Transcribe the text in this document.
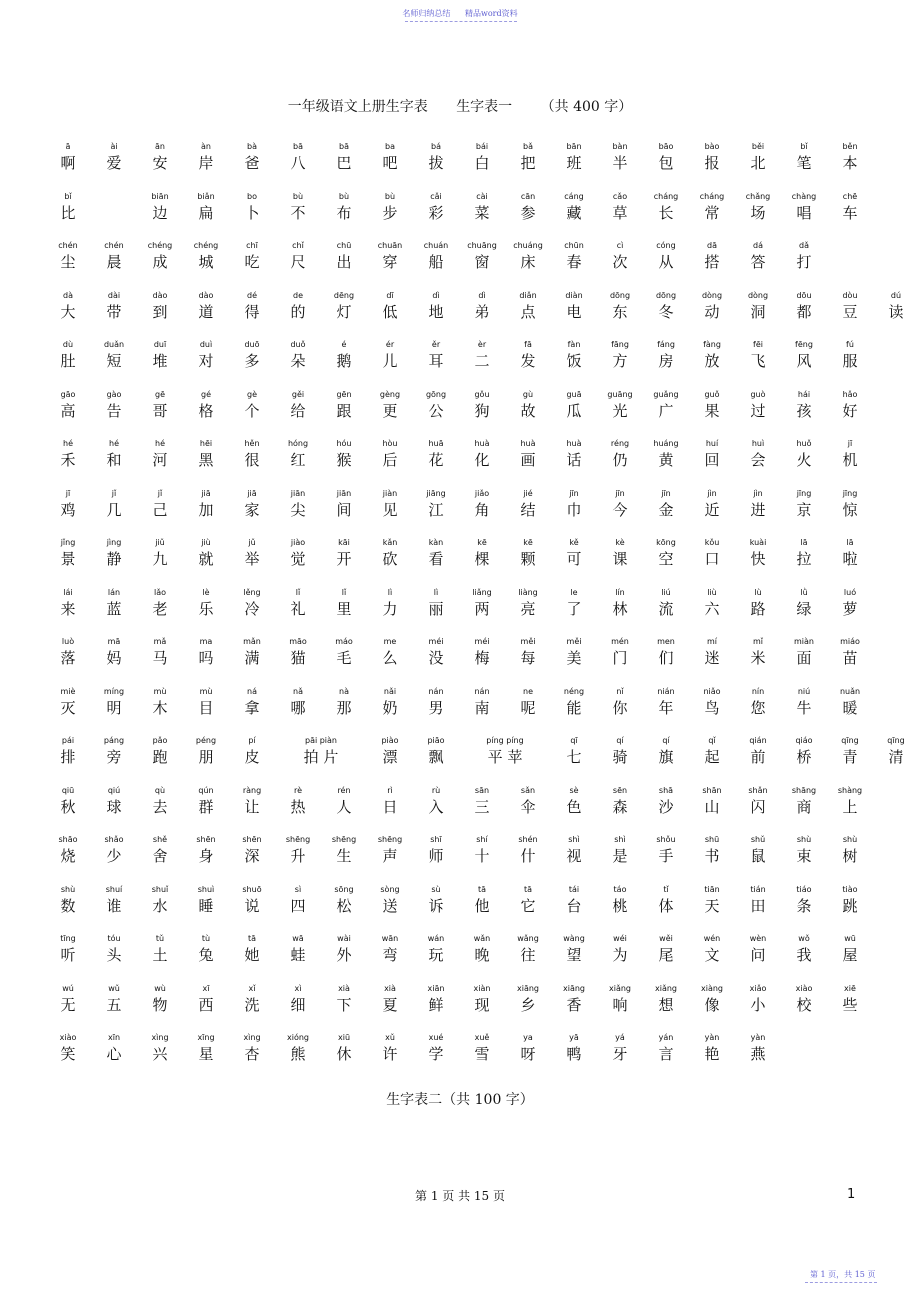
名师归纳总结 精品word资料
一年级语文上册生字表 生字表一 （共 400 字）
ā
啊
ài
爱
ān
安
àn
岸
bà
爸
bā
八
bā
巴
ba
吧
bá
拔
bái
白
bǎ
把
bān
班
bàn
半
bāo
包
bào
报
běi
北
bǐ
笔
běn
本
bǐ
比
biān
边
biǎn
扁
bo
卜
bù
不
bù
布
bù
步
cǎi
彩
cài
菜
cān
参
cáng
藏
cǎo
草
cháng
长
cháng
常
chǎng
场
chàng
唱
chē
车
chén
尘
chén
晨
chéng
成
chéng
城
chī
吃
chǐ
尺
chū
出
chuān
穿
chuán
船
chuāng
窗
chuáng
床
chūn
春
cì
次
cóng
从
dā
搭
dá
答
dǎ
打
dà
大
dài
带
dào
到
dào
道
dé
得
de
的
dēng
灯
dī
低
dì
地
dì
弟
diǎn
点
diàn
电
dōng
东
dōng
冬
dòng
动
dòng
洞
dōu
都
dòu
豆
dú
读
dù
肚
duǎn
短
duī
堆
duì
对
duō
多
duǒ
朵
é
鹅
ér
儿
ěr
耳
èr
二
fā
发
fàn
饭
fāng
方
fáng
房
fàng
放
fēi
飞
fēng
风
fú
服
gāo
高
gào
告
gē
哥
gé
格
gè
个
gěi
给
gēn
跟
gèng
更
gōng
公
gǒu
狗
gù
故
guā
瓜
guāng
光
guǎng
广
guǒ
果
guò
过
hái
孩
hǎo
好
hé
禾
hé
和
hé
河
hēi
黑
hěn
很
hóng
红
hóu
猴
hòu
后
huā
花
huà
化
huà
画
huà
话
réng
仍
huáng
黄
huí
回
huì
会
huǒ
火
jī
机
jī
鸡
jǐ
几
jǐ
己
jiā
加
jiā
家
jiān
尖
jiān
间
jiàn
见
jiāng
江
jiǎo
角
jié
结
jīn
巾
jīn
今
jīn
金
jìn
近
jìn
进
jīng
京
jīng
惊
jǐng
景
jìng
静
jiǔ
九
jiù
就
jǔ
举
jiào
觉
kāi
开
kǎn
砍
kàn
看
kē
棵
kē
颗
kě
可
kè
课
kōng
空
kǒu
口
kuài
快
lā
拉
lā
啦
lái
来
lán
蓝
lǎo
老
lè
乐
lěng
冷
lǐ
礼
lǐ
里
lì
力
lì
丽
liǎng
两
liàng
亮
le
了
lín
林
liú
流
liù
六
lù
路
lǜ
绿
luó
萝
luò
落
mā
妈
mǎ
马
ma
吗
mǎn
满
māo
猫
máo
毛
me
么
méi
没
méi
梅
měi
每
měi
美
mén
门
men
们
mí
迷
mǐ
米
miàn
面
miáo
苗
miè
灭
míng
明
mù
木
mù
目
ná
拿
nǎ
哪
nà
那
nǎi
奶
nán
男
nán
南
ne
呢
néng
能
nǐ
你
nián
年
niǎo
鸟
nín
您
niú
牛
nuǎn
暖
pái
排
páng
旁
pǎo
跑
péng
朋
pí
皮
pāi piàn
拍 片
piào
漂
piāo
飘
píng píng
平 苹
qī
七
qí
骑
qí
旗
qǐ
起
qián
前
qiáo
桥
qīng
青
qīng
清
qiū
秋
qiú
球
qù
去
qún
群
ràng
让
rè
热
rén
人
rì
日
rù
入
sān
三
sǎn
伞
sè
色
sēn
森
shā
沙
shān
山
shǎn
闪
shāng
商
shàng
上
shāo
烧
shǎo
少
shě
舍
shēn
身
shēn
深
shēng
升
shēng
生
shēng
声
shī
师
shí
十
shén
什
shì
视
shì
是
shǒu
手
shū
书
shǔ
鼠
shù
束
shù
树
shù
数
shuí
谁
shuǐ
水
shuì
睡
shuō
说
sì
四
sōng
松
sòng
送
sù
诉
tā
他
tā
它
tái
台
táo
桃
tǐ
体
tiān
天
tián
田
tiáo
条
tiào
跳
tīng
听
tóu
头
tǔ
土
tù
兔
tā
她
wā
蛙
wài
外
wān
弯
wán
玩
wǎn
晚
wǎng
往
wàng
望
wéi
为
wěi
尾
wén
文
wèn
问
wǒ
我
wū
屋
wú
无
wǔ
五
wù
物
xī
西
xǐ
洗
xì
细
xià
下
xià
夏
xiān
鲜
xiàn
现
xiāng
乡
xiāng
香
xiǎng
响
xiǎng
想
xiàng
像
xiǎo
小
xiào
校
xiē
些
xiào
笑
xīn
心
xìng
兴
xīng
星
xìng
杏
xióng
熊
xiū
休
xǔ
许
xué
学
xuě
雪
ya
呀
yā
鸭
yá
牙
yán
言
yàn
艳
yàn
燕
生字表二（共 100 字）
第 1 页 共 15 页	1
第 1 页，共 15 页
